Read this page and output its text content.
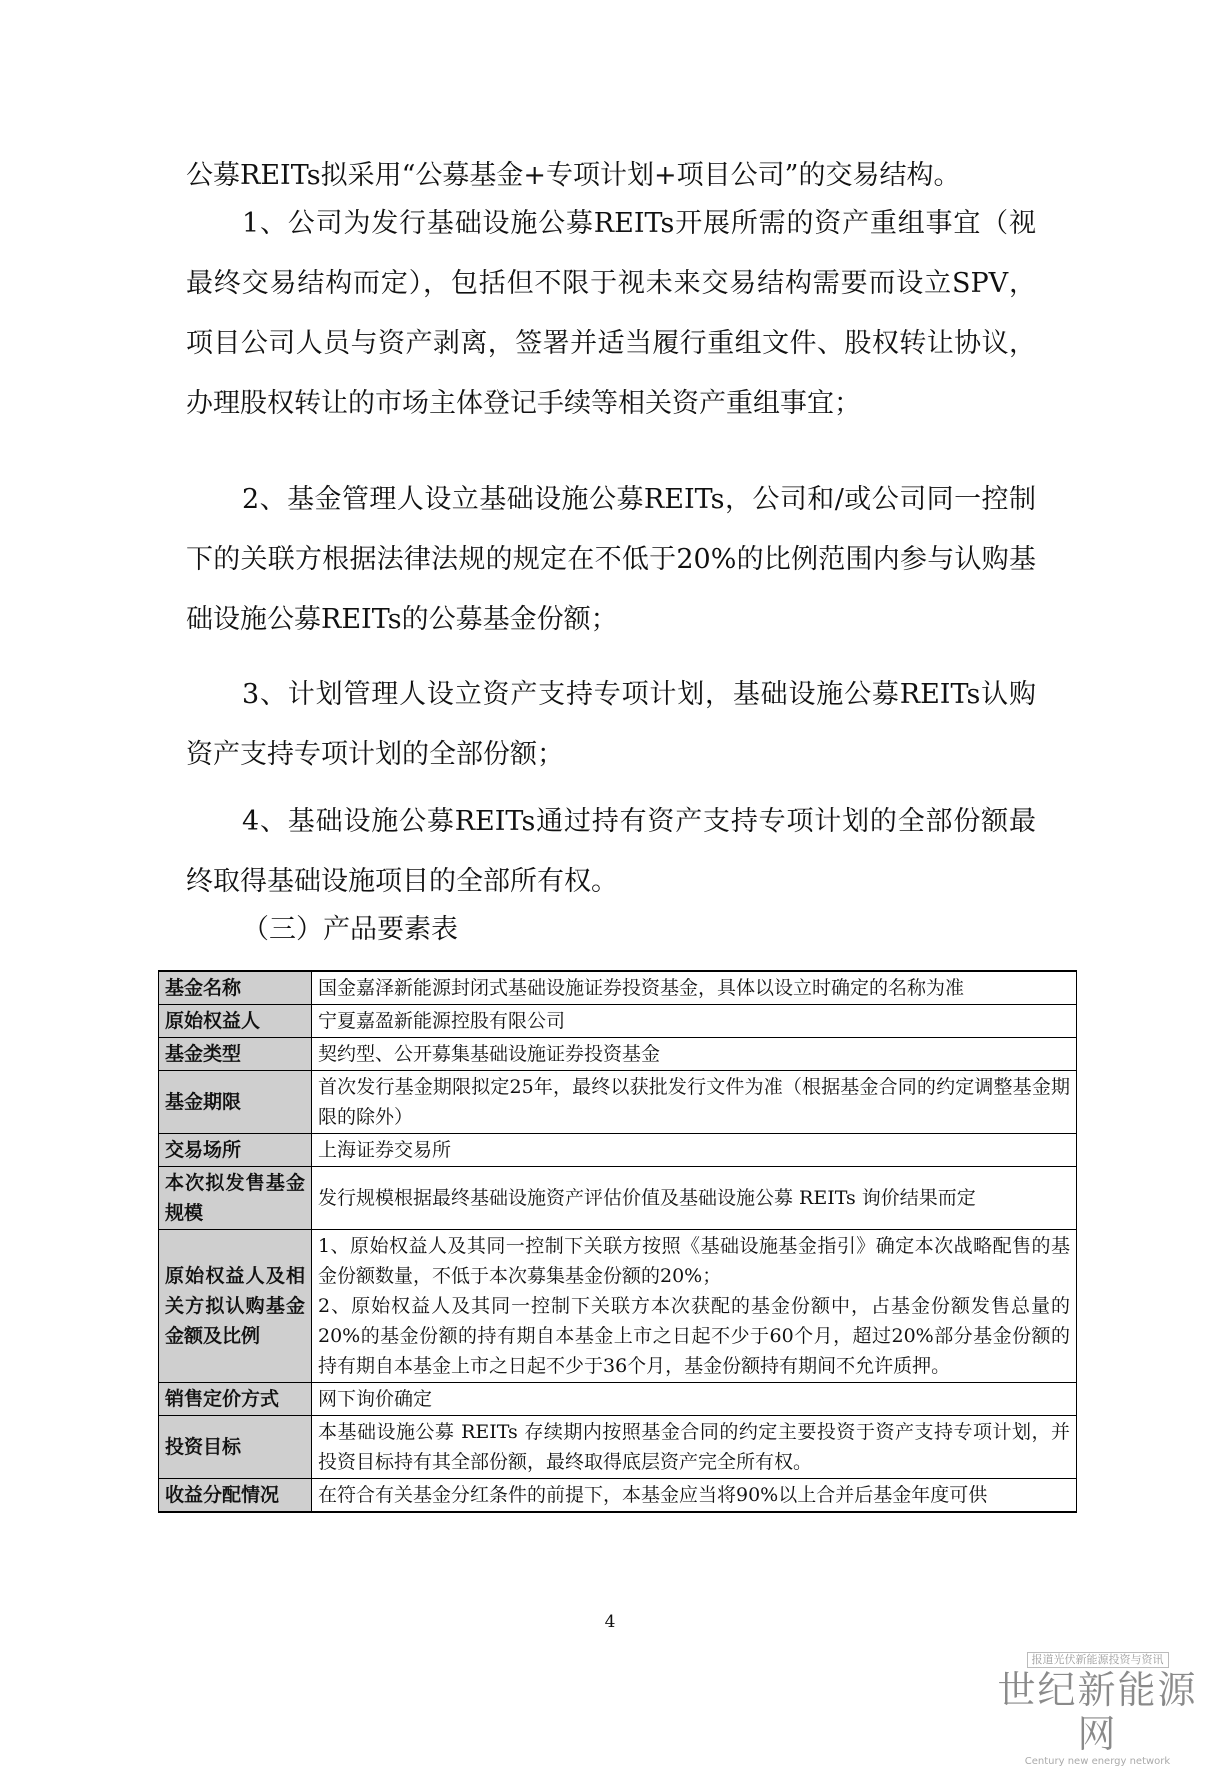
公募REITs拟采用“公募基金+专项计划+项目公司”的交易结构。

1、公司为发行基础设施公募REITs开展所需的资产重组事宜（视最终交易结构而定），包括但不限于视未来交易结构需要而设立SPV，项目公司人员与资产剥离，签署并适当履行重组文件、股权转让协议，办理股权转让的市场主体登记手续等相关资产重组事宜；

2、基金管理人设立基础设施公募REITs，公司和/或公司同一控制下的关联方根据法律法规的规定在不低于20%的比例范围内参与认购基础设施公募REITs的公募基金份额；

3、计划管理人设立资产支持专项计划，基础设施公募REITs认购资产支持专项计划的全部份额；

4、基础设施公募REITs通过持有资产支持专项计划的全部份额最终取得基础设施项目的全部所有权。

（三）产品要素表

基金名称	国金嘉泽新能源封闭式基础设施证券投资基金，具体以设立时确定的名称为准
原始权益人	宁夏嘉盈新能源控股有限公司
基金类型	契约型、公开募集基础设施证券投资基金
基金期限	首次发行基金期限拟定25年，最终以获批发行文件为准（根据基金合同的约定调整基金期限的除外）
交易场所	上海证券交易所
本次拟发售基金规模	发行规模根据最终基础设施资产评估价值及基础设施公募 REITs 询价结果而定
原始权益人及相关方拟认购基金金额及比例	1、原始权益人及其同一控制下关联方按照《基础设施基金指引》确定本次战略配售的基金份额数量，不低于本次募集基金份额的20%；
2、原始权益人及其同一控制下关联方本次获配的基金份额中，占基金份额发售总量的20%的基金份额的持有期自本基金上市之日起不少于60个月，超过20%部分基金份额的持有期自本基金上市之日起不少于36个月，基金份额持有期间不允许质押。

销售定价方式	网下询价确定
投资目标	本基础设施公募 REITs 存续期内按照基金合同的约定主要投资于资产支持专项计划，并投资目标持有其全部份额，最终取得底层资产完全所有权。
收益分配情况	在符合有关基金分红条件的前提下，本基金应当将90%以上合并后基金年度可供
4
报道光伏新能源投资与资讯
世纪新能源网
Century new energy network
